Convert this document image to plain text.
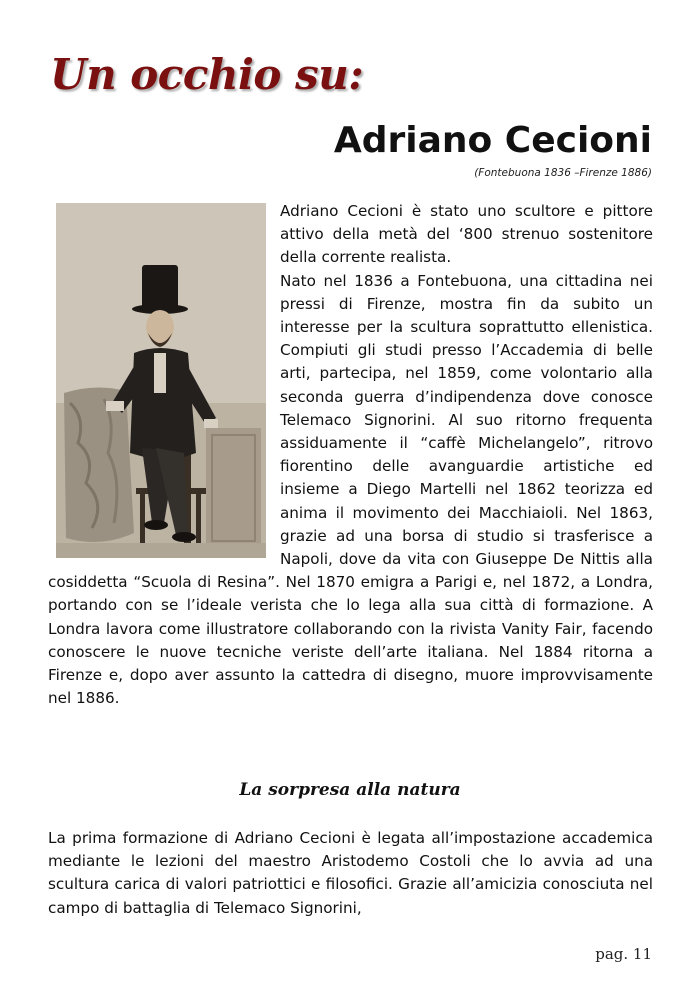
Un occhio su:
Adriano Cecioni
(Fontebuona 1836 –Firenze 1886)

Adriano Cecioni è stato uno scultore e pittore attivo della metà del ‘800 strenuo sostenitore della corrente realista.

Nato nel 1836 a Fontebuona, una cittadina nei pressi di Firenze, mostra fin da subito un interesse per la scultura soprattutto ellenistica. Compiuti gli studi presso l’Accademia di belle arti, partecipa, nel 1859, come volontario alla seconda guerra d’indipendenza dove conosce Telemaco Signorini. Al suo ritorno frequenta assiduamente il “caffè Michelangelo”, ritrovo fiorentino delle avanguardie artistiche ed insieme a Diego Martelli nel 1862 teorizza ed anima il movimento dei Macchiaioli. Nel 1863, grazie ad una borsa di studio si trasferisce a Napoli, dove da vita con Giuseppe De Nittis alla cosiddetta “Scuola di Resina”. Nel 1870 emigra a Parigi e, nel 1872, a Londra, portando con se l’ideale verista che lo lega alla sua città di formazione. A Londra lavora come illustratore collaborando con la rivista Vanity Fair, facendo conoscere le nuove tecniche veriste dell’arte italiana. Nel 1884 ritorna a Firenze e, dopo aver assunto la cattedra di disegno, muore improvvisamente nel 1886.

La sorpresa alla natura

La prima formazione di Adriano Cecioni è legata all’impostazione accademica mediante le lezioni del maestro Aristodemo Costoli che lo avvia ad una scultura carica di valori patriottici e filosofici. Grazie all’amicizia conosciuta nel campo di battaglia di Telemaco Signorini,

pag. 11
